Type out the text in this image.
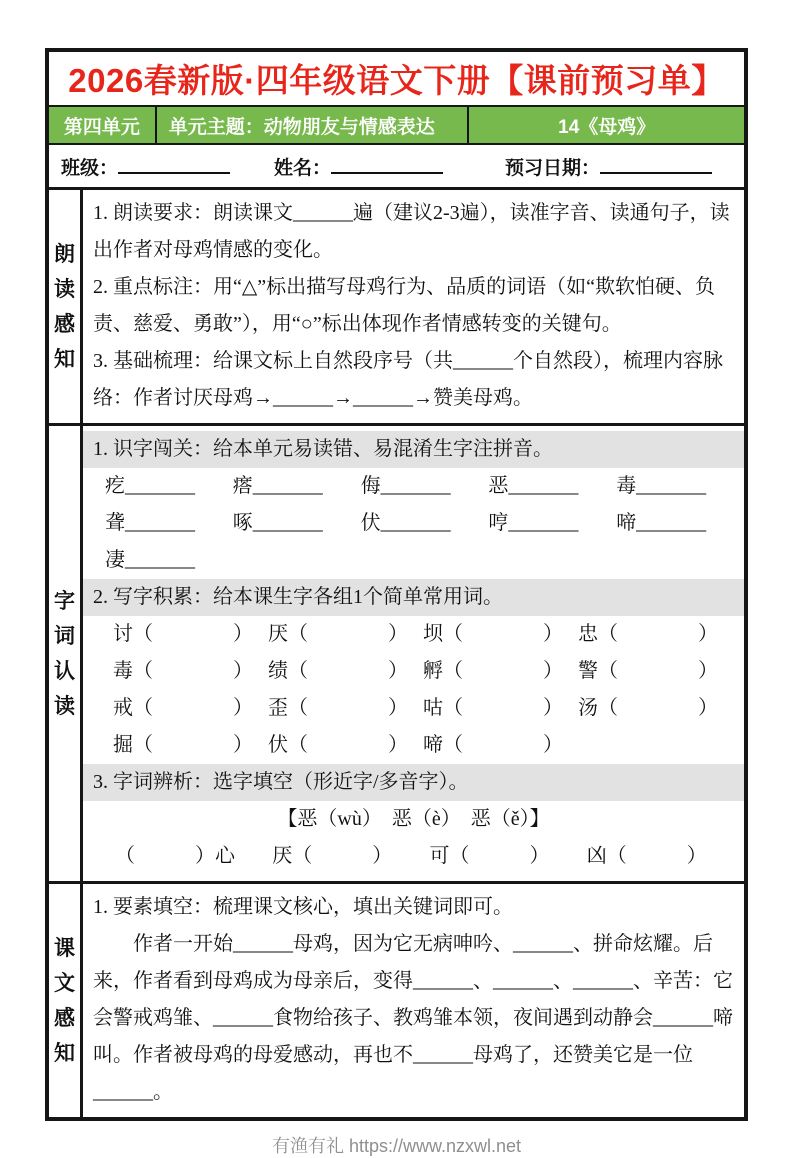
2026春新版·四年级语文下册【课前预习单】
第四单元	单元主题：动物朋友与情感表达	14《母鸡》
班级：	姓名：	预习日期：
朗
读
感
知

1. 朗读要求：朗读课文______遍（建议2-3遍），读准字音、读通句子，读出作者对母鸡情感的变化。

2. 重点标注：用“△”标出描写母鸡行为、品质的词语（如“欺软怕硬、负责、慈爱、勇敢”），用“○”标出体现作者情感转变的关键句。

3. 基础梳理：给课文标上自然段序号（共______个自然段），梳理内容脉络：作者讨厌母鸡→______→______→赞美母鸡。

字
词
认
读
1. 识字闯关：给本单元易读错、易混淆生字注拼音。
疙_______	瘩_______	侮_______	恶_______	毒_______
聋_______	啄_______	伏_______	哼_______	啼_______
凄_______
2. 写字积累：给本课生字各组1个简单常用词。
讨（　　　　） 厌（　　　　） 坝（　　　　） 忠（　　　　）
毒（　　　　） 绩（　　　　） 孵（　　　　） 警（　　　　）
戒（　　　　） 歪（　　　　） 咕（　　　　） 汤（　　　　）
掘（　　　　） 伏（　　　　） 啼（　　　　）
3. 字词辨析：选字填空（形近字/多音字）。
【恶（wù）　恶（è）　恶（ě）】
（　　　）心	厌（　　　）	可（　　　）	凶（　　　）
课
文
感
知

1. 要素填空：梳理课文核心，填出关键词即可。

作者一开始______母鸡，因为它无病呻吟、______、拼命炫耀。后来，作者看到母鸡成为母亲后，变得______、______、______、辛苦：它会警戒鸡雏、______食物给孩子、教鸡雏本领，夜间遇到动静会______啼叫。作者被母鸡的母爱感动，再也不______母鸡了，还赞美它是一位______。

有渔有礼 https://www.nzxwl.net
